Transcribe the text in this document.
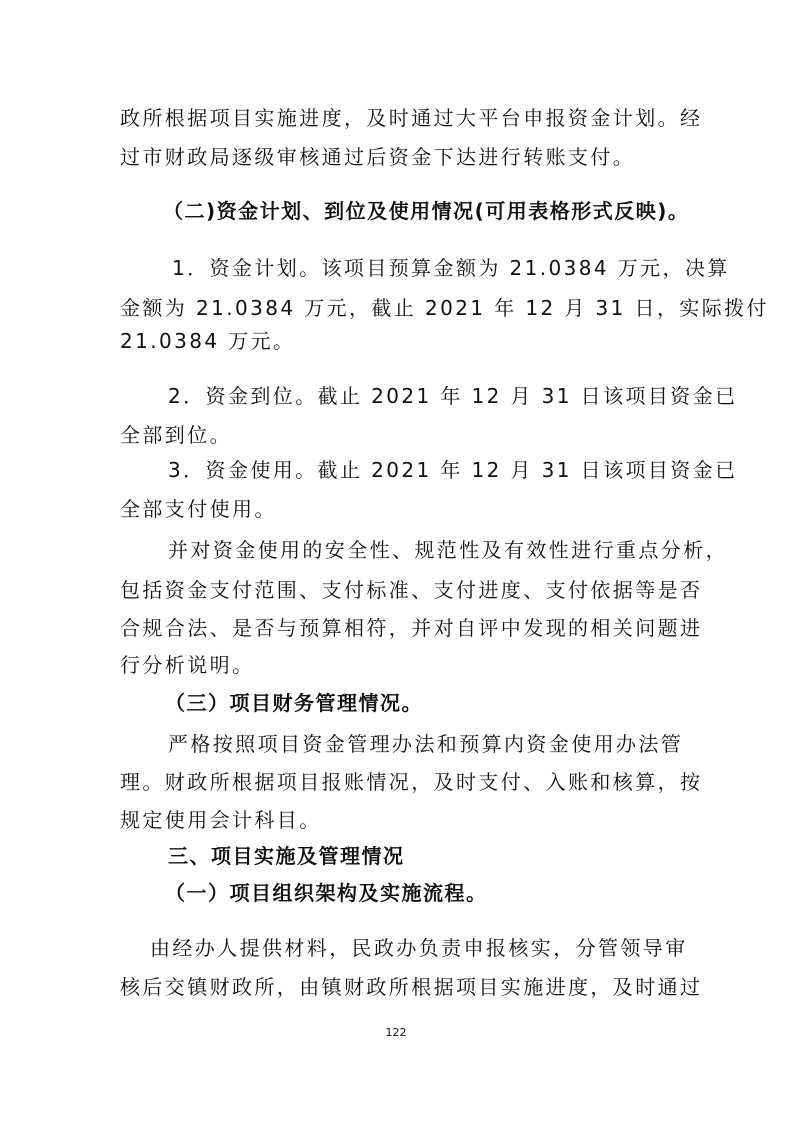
政所根据项目实施进度，及时通过大平台申报资金计划。经
过市财政局逐级审核通过后资金下达进行转账支付。
（二)资金计划、到位及使用情况(可用表格形式反映)。
1．资金计划。该项目预算金额为 21.0384 万元，决算
金额为 21.0384 万元，截止 2021 年 12 月 31 日，实际拨付
21.0384 万元。
2．资金到位。截止 2021 年 12 月 31 日该项目资金已
全部到位。
3．资金使用。截止 2021 年 12 月 31 日该项目资金已
全部支付使用。
并对资金使用的安全性、规范性及有效性进行重点分析，
包括资金支付范围、支付标准、支付进度、支付依据等是否
合规合法、是否与预算相符，并对自评中发现的相关问题进
行分析说明。
（三）项目财务管理情况。
严格按照项目资金管理办法和预算内资金使用办法管
理。财政所根据项目报账情况，及时支付、入账和核算，按
规定使用会计科目。
三、项目实施及管理情况
（一）项目组织架构及实施流程。
由经办人提供材料，民政办负责申报核实，分管领导审
核后交镇财政所，由镇财政所根据项目实施进度，及时通过
122
